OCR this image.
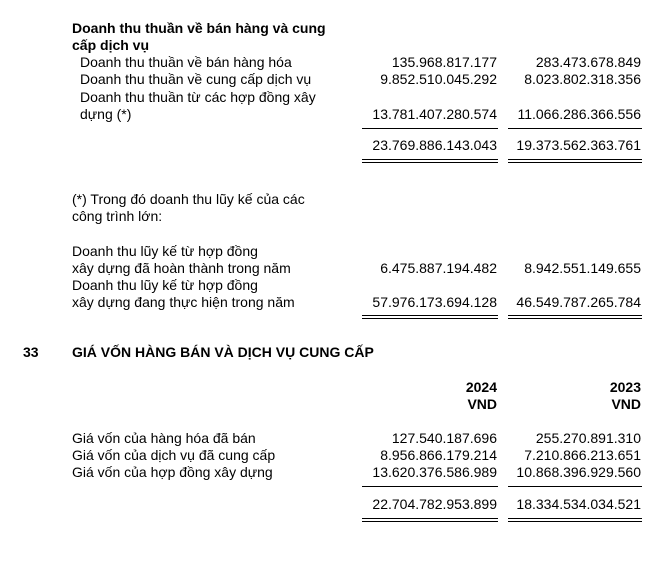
Doanh thu thuần về bán hàng và cung
cấp dịch vụ
Doanh thu thuần về bán hàng hóa	135.968.817.177	283.473.678.849
Doanh thu thuần về cung cấp dịch vụ	9.852.510.045.292 8.023.802.318.356
Doanh thu thuần từ các hợp đồng xây
dựng (*)	13.781.407.280.574 11.066.286.366.556
23.769.886.143.043 19.373.562.363.761
(*) Trong đó doanh thu lũy kế của các
công trình lớn:
Doanh thu lũy kế từ hợp đồng
xây dựng đã hoàn thành trong năm	6.475.887.194.482 8.942.551.149.655
Doanh thu lũy kế từ hợp đồng
xây dựng đang thực hiện trong năm	57.976.173.694.128 46.549.787.265.784
33 GIÁ VỐN HÀNG BÁN VÀ DỊCH VỤ CUNG CẤP
2024
VND
2023
VND
Giá vốn của hàng hóa đã bán	127.540.187.696	255.270.891.310
Giá vốn của dịch vụ đã cung cấp	8.956.866.179.214 7.210.866.213.651
Giá vốn của hợp đồng xây dựng	13.620.376.586.989 10.868.396.929.560
22.704.782.953.899 18.334.534.034.521
